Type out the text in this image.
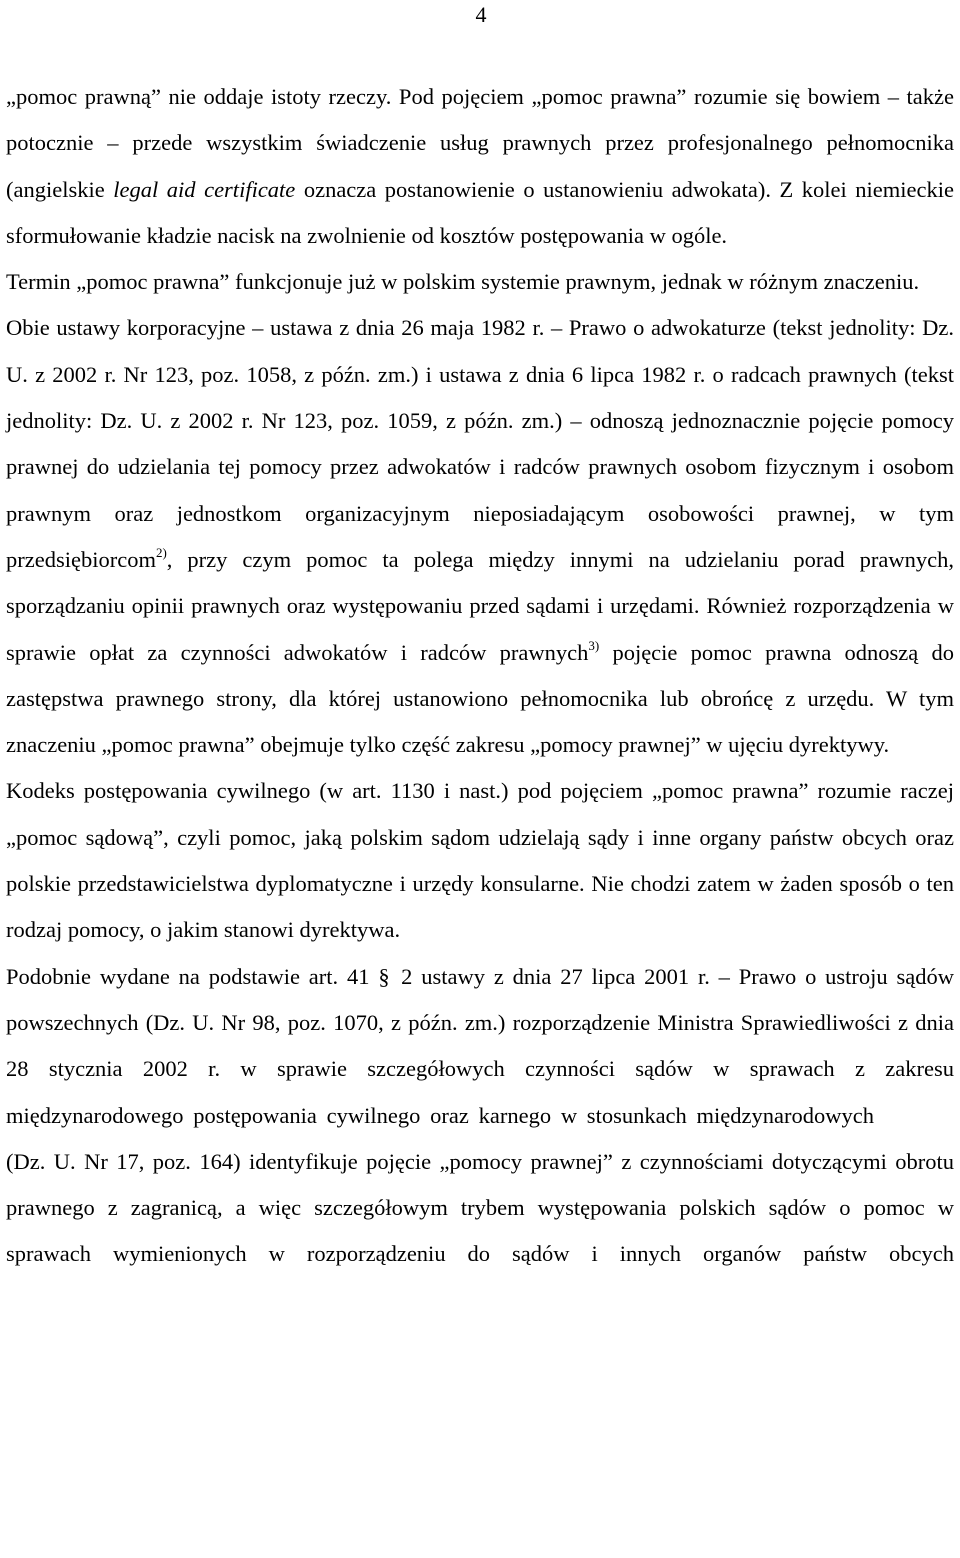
4

„pomoc prawną” nie oddaje istoty rzeczy. Pod pojęciem „pomoc prawna” rozumie się bowiem – także potocznie – przede wszystkim świadczenie usług prawnych przez profesjonalnego pełnomocnika (angielskie legal aid certificate oznacza postanowienie o ustanowieniu adwokata). Z kolei niemieckie sformułowanie kładzie nacisk na zwolnienie od kosztów postępowania w ogóle.

Termin „pomoc prawna” funkcjonuje już w polskim systemie prawnym, jednak w różnym znaczeniu.

Obie ustawy korporacyjne – ustawa z dnia 26 maja 1982 r. – Prawo o adwokaturze (tekst jednolity: Dz. U. z 2002 r. Nr 123, poz. 1058, z późn. zm.) i ustawa z dnia 6 lipca 1982 r. o radcach prawnych (tekst jednolity: Dz. U. z 2002 r. Nr 123, poz. 1059, z późn. zm.) – odnoszą jednoznacznie pojęcie pomocy prawnej do udzielania tej pomocy przez adwokatów i radców prawnych osobom fizycznym i osobom prawnym oraz jednostkom organizacyjnym nieposiadającym osobowości prawnej, w tym przedsiębiorcom$^{2)}$, przy czym pomoc ta polega między innymi na udzielaniu porad prawnych, sporządzaniu opinii prawnych oraz występowaniu przed sądami i urzędami. Również rozporządzenia w sprawie opłat za czynności adwokatów i radców prawnych$^{3)}$ pojęcie pomoc prawna odnoszą do zastępstwa prawnego strony, dla której ustanowiono pełnomocnika lub obrońcę z urzędu. W tym znaczeniu „pomoc prawna” obejmuje tylko część zakresu „pomocy prawnej” w ujęciu dyrektywy.

Kodeks postępowania cywilnego (w art. 1130 i nast.) pod pojęciem „pomoc prawna” rozumie raczej „pomoc sądową”, czyli pomoc, jaką polskim sądom udzielają sądy i inne organy państw obcych oraz polskie przedstawicielstwa dyplomatyczne i urzędy konsularne. Nie chodzi zatem w żaden sposób o ten rodzaj pomocy, o jakim stanowi dyrektywa.

Podobnie wydane na podstawie art. 41 § 2 ustawy z dnia 27 lipca 2001 r. – Prawo o ustroju sądów powszechnych (Dz. U. Nr 98, poz. 1070, z późn. zm.) rozporządzenie Ministra Sprawiedliwości z dnia 28 stycznia 2002 r. w sprawie szczegółowych czynności sądów w sprawach z zakresu międzynarodowego postępowania cywilnego oraz karnego w stosunkach międzynarodowych(Dz. U. Nr 17, poz. 164) identyfikuje pojęcie „pomocy prawnej” z czynnościami dotyczącymi obrotu prawnego z zagranicą, a więc szczegółowym trybem występowania polskich sądów o pomoc w sprawach wymienionych w rozporządzeniu do sądów i innych organów państw obcych
